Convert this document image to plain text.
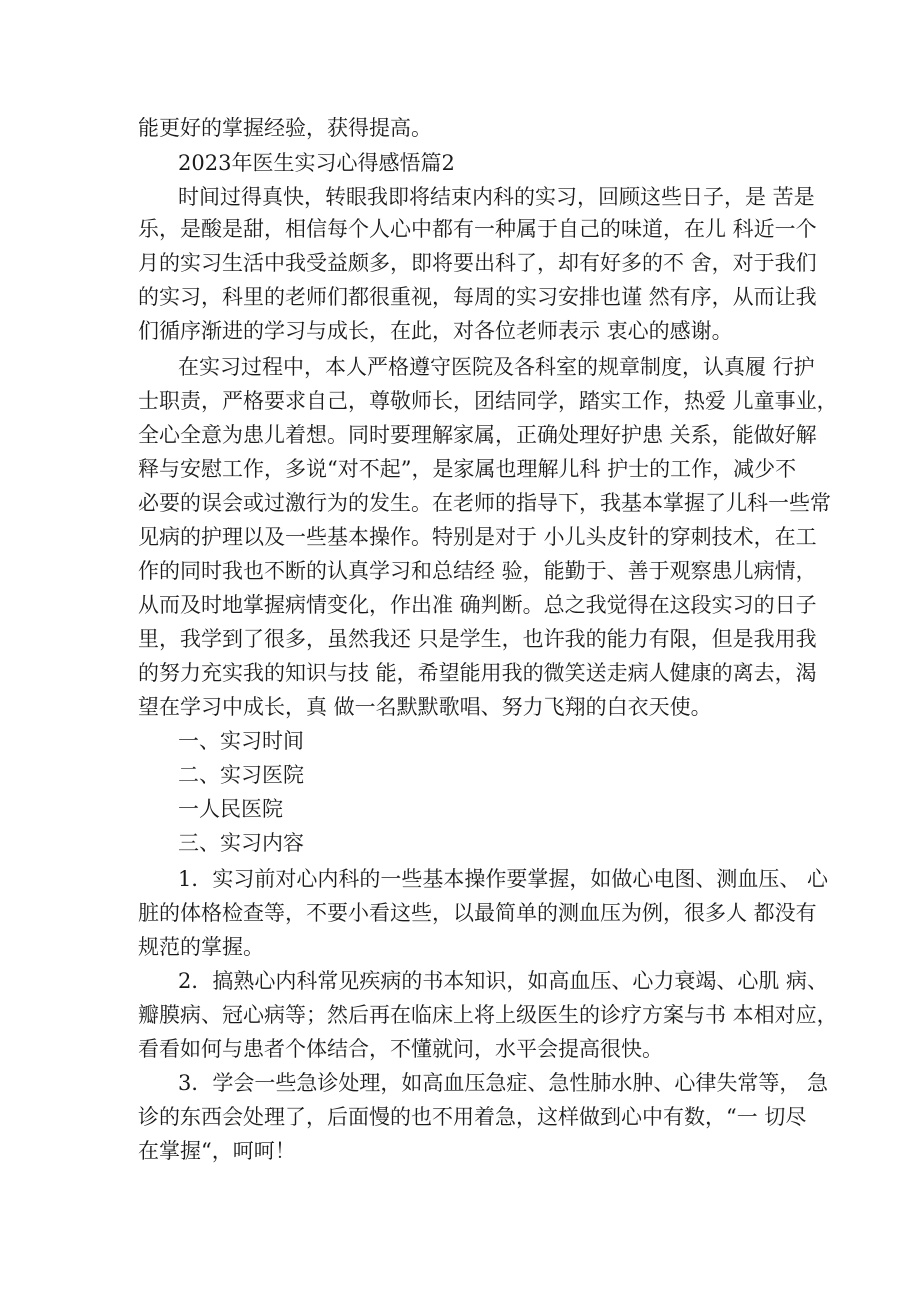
能更好的掌握经验，获得提高。
2023年医生实习心得感悟篇2
时间过得真快，转眼我即将结束内科的实习，回顾这些日子，是 苦是
乐，是酸是甜，相信每个人心中都有一种属于自己的味道，在儿 科近一个
月的实习生活中我受益颇多，即将要出科了，却有好多的不 舍，对于我们
的实习，科里的老师们都很重视，每周的实习安排也谨 然有序，从而让我
们循序渐进的学习与成长，在此，对各位老师表示 衷心的感谢。
在实习过程中，本人严格遵守医院及各科室的规章制度，认真履 行护
士职责，严格要求自己，尊敬师长，团结同学，踏实工作，热爱 儿童事业，
全心全意为患儿着想。同时要理解家属，正确处理好护患 关系，能做好解
释与安慰工作，多说“对不起”，是家属也理解儿科 护士的工作，减少不
必要的误会或过激行为的发生。在老师的指导下，我基本掌握了儿科一些常
见病的护理以及一些基本操作。特别是对于 小儿头皮针的穿刺技术，在工
作的同时我也不断的认真学习和总结经 验，能勤于、善于观察患儿病情，
从而及时地掌握病情变化，作出准 确判断。总之我觉得在这段实习的日子
里，我学到了很多，虽然我还 只是学生，也许我的能力有限，但是我用我
的努力充实我的知识与技 能，希望能用我的微笑送走病人健康的离去，渴
望在学习中成长，真 做一名默默歌唱、努力飞翔的白衣天使。
一、实习时间
二、实习医院
一人民医院
三、实习内容
1．实习前对心内科的一些基本操作要掌握，如做心电图、测血压、 心
脏的体格检查等，不要小看这些，以最简单的测血压为例，很多人 都没有
规范的掌握。
2．搞熟心内科常见疾病的书本知识，如高血压、心力衰竭、心肌 病、
瓣膜病、冠心病等；然后再在临床上将上级医生的诊疗方案与书 本相对应，
看看如何与患者个体结合，不懂就问，水平会提高很快。
3．学会一些急诊处理，如高血压急症、急性肺水肿、心律失常等， 急
诊的东西会处理了，后面慢的也不用着急，这样做到心中有数，“一 切尽
在掌握“，呵呵！
